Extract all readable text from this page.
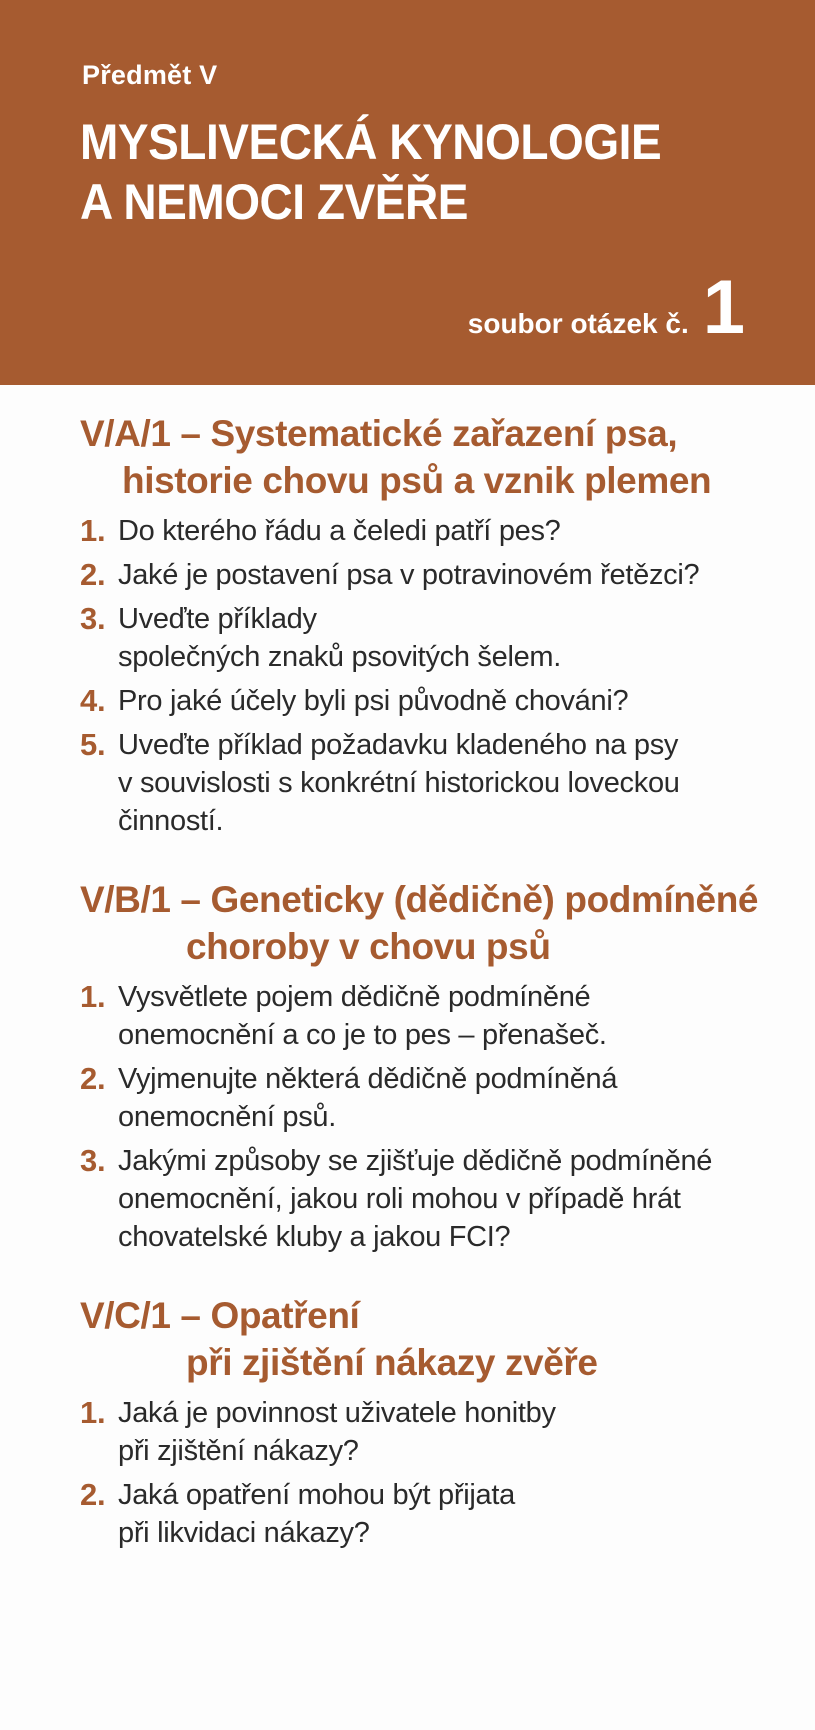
Předmět V
MYSLIVECKÁ KYNOLOGIE
A NEMOCI ZVĚŘE
soubor otázek č. 1
V/A/1 – Systematické zařazení psa,
historie chovu psů a vznik plemen
1. Do kterého řádu a čeledi patří pes?
2. Jaké je postavení psa v potravinovém řetězci?
3. Uveďte příklady
společných znaků psovitých šelem.
4. Pro jaké účely byli psi původně chováni?
5. Uveďte příklad požadavku kladeného na psy
v souvislosti s konkrétní historickou loveckou
činností.
V/B/1 – Geneticky (dědičně) podmíněné
choroby v chovu psů
1. Vysvětlete pojem dědičně podmíněné
onemocnění a co je to pes – přenašeč.
2. Vyjmenujte některá dědičně podmíněná
onemocnění psů.
3. Jakými způsoby se zjišťuje dědičně podmíněné
onemocnění, jakou roli mohou v případě hrát
chovatelské kluby a jakou FCI?
V/C/1 – Opatření
při zjištění nákazy zvěře
1. Jaká je povinnost uživatele honitby
při zjištění nákazy?
2. Jaká opatření mohou být přijata
při likvidaci nákazy?
